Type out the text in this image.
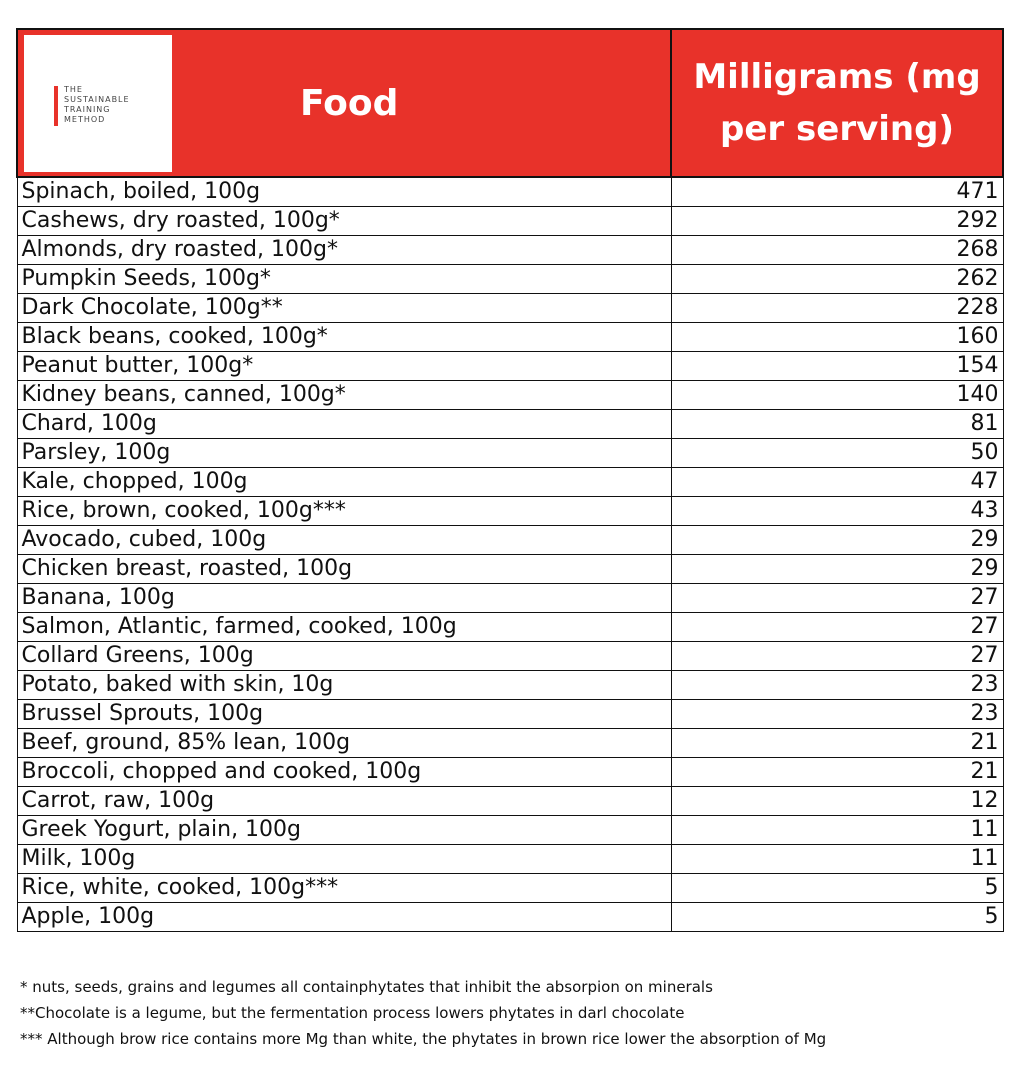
THE
SUSTAINABLE
TRAINING
METHOD Food	Milligrams (mg per serving)
Spinach, boiled, 100g	471
Cashews, dry roasted, 100g*	292
Almonds, dry roasted, 100g*	268
Pumpkin Seeds, 100g*	262
Dark Chocolate, 100g**	228
Black beans, cooked, 100g*	160
Peanut butter, 100g*	154
Kidney beans, canned, 100g*	140
Chard, 100g	81
Parsley, 100g	50
Kale, chopped, 100g	47
Rice, brown, cooked, 100g***	43
Avocado, cubed, 100g	29
Chicken breast, roasted, 100g	29
Banana, 100g	27
Salmon, Atlantic, farmed, cooked, 100g	27
Collard Greens, 100g	27
Potato, baked with skin, 10g	23
Brussel Sprouts, 100g	23
Beef, ground, 85% lean, 100g	21
Broccoli, chopped and cooked, 100g	21
Carrot, raw, 100g	12
Greek Yogurt, plain, 100g	11
Milk, 100g	11
Rice, white, cooked, 100g***	5
Apple, 100g	5
* nuts, seeds, grains and legumes all containphytates that inhibit the absorpion on minerals
**Chocolate is a legume, but the fermentation process lowers phytates in darl chocolate
*** Although brow rice contains more Mg than white, the phytates in brown rice lower the absorption of Mg
